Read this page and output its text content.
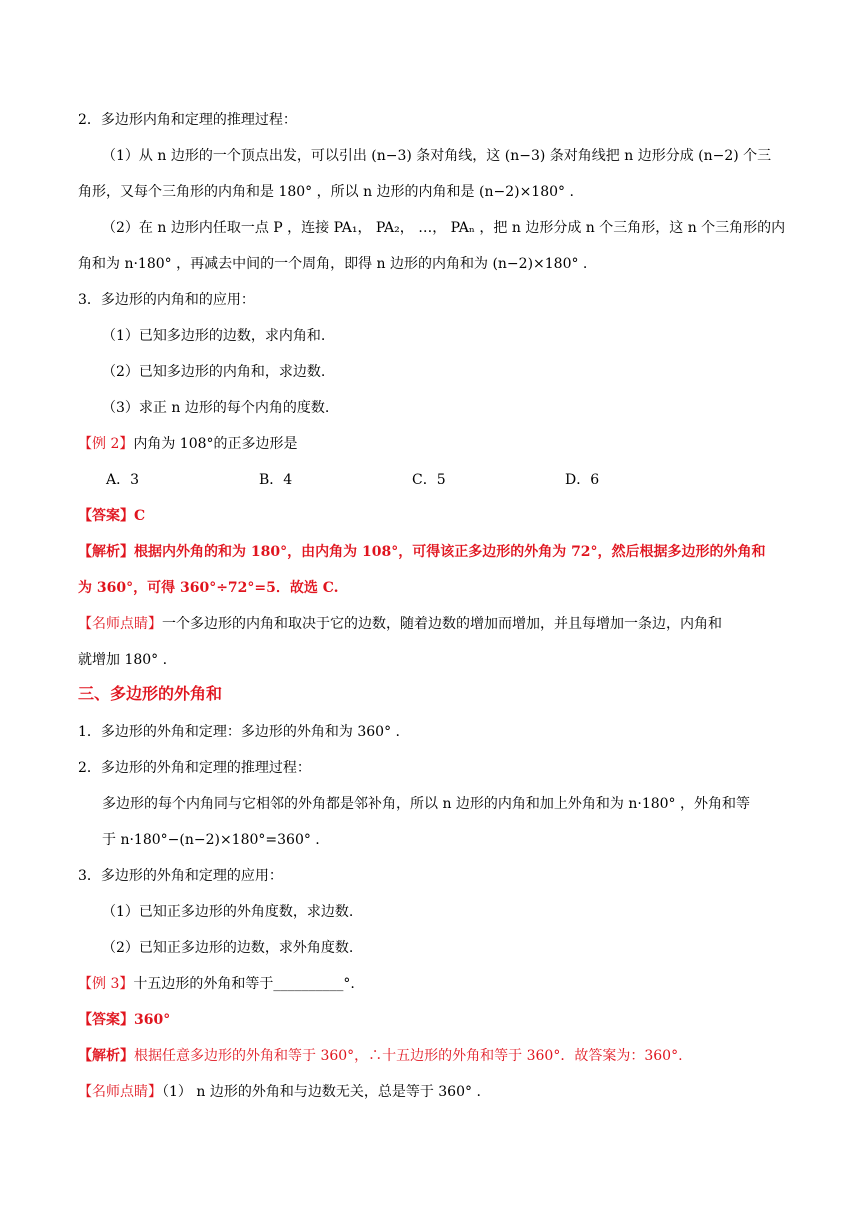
2．多边形内角和定理的推理过程：
（1）从 n 边形的一个顶点出发，可以引出 (n−3) 条对角线，这 (n−3) 条对角线把 n 边形分成 (n−2) 个三
角形，又每个三角形的内角和是 180° ，所以 n 边形的内角和是 (n−2)×180° .
（2）在 n 边形内任取一点 P ，连接 PA₁， PA₂， …， PAₙ ，把 n 边形分成 n 个三角形，这 n 个三角形的内
角和为 n·180° ，再减去中间的一个周角，即得 n 边形的内角和为 (n−2)×180° .
3．多边形的内角和的应用：
（1）已知多边形的边数，求内角和.
（2）已知多边形的内角和，求边数.
（3）求正 n 边形的每个内角的度数.
【例 2】内角为 108°的正多边形是
A．3	B．4	C．5	D．6
【答案】C
【解析】根据内外角的和为 180°，由内角为 108°，可得该正多边形的外角为 72°，然后根据多边形的外角和
为 360°，可得 360°÷72°=5．故选 C.
【名师点睛】一个多边形的内角和取决于它的边数，随着边数的增加而增加，并且每增加一条边，内角和
就增加 180° .
三、多边形的外角和
1．多边形的外角和定理：多边形的外角和为 360° .
2．多边形的外角和定理的推理过程：
多边形的每个内角同与它相邻的外角都是邻补角，所以 n 边形的内角和加上外角和为 n·180° ，外角和等
于 n·180°−(n−2)×180°=360° .
3．多边形的外角和定理的应用：
（1）已知正多边形的外角度数，求边数.
（2）已知正多边形的边数，求外角度数.
【例 3】十五边形的外角和等于__________°.
【答案】360°
【解析】根据任意多边形的外角和等于 360°，∴十五边形的外角和等于 360°．故答案为：360°.
【名师点睛】（1） n 边形的外角和与边数无关，总是等于 360° .
